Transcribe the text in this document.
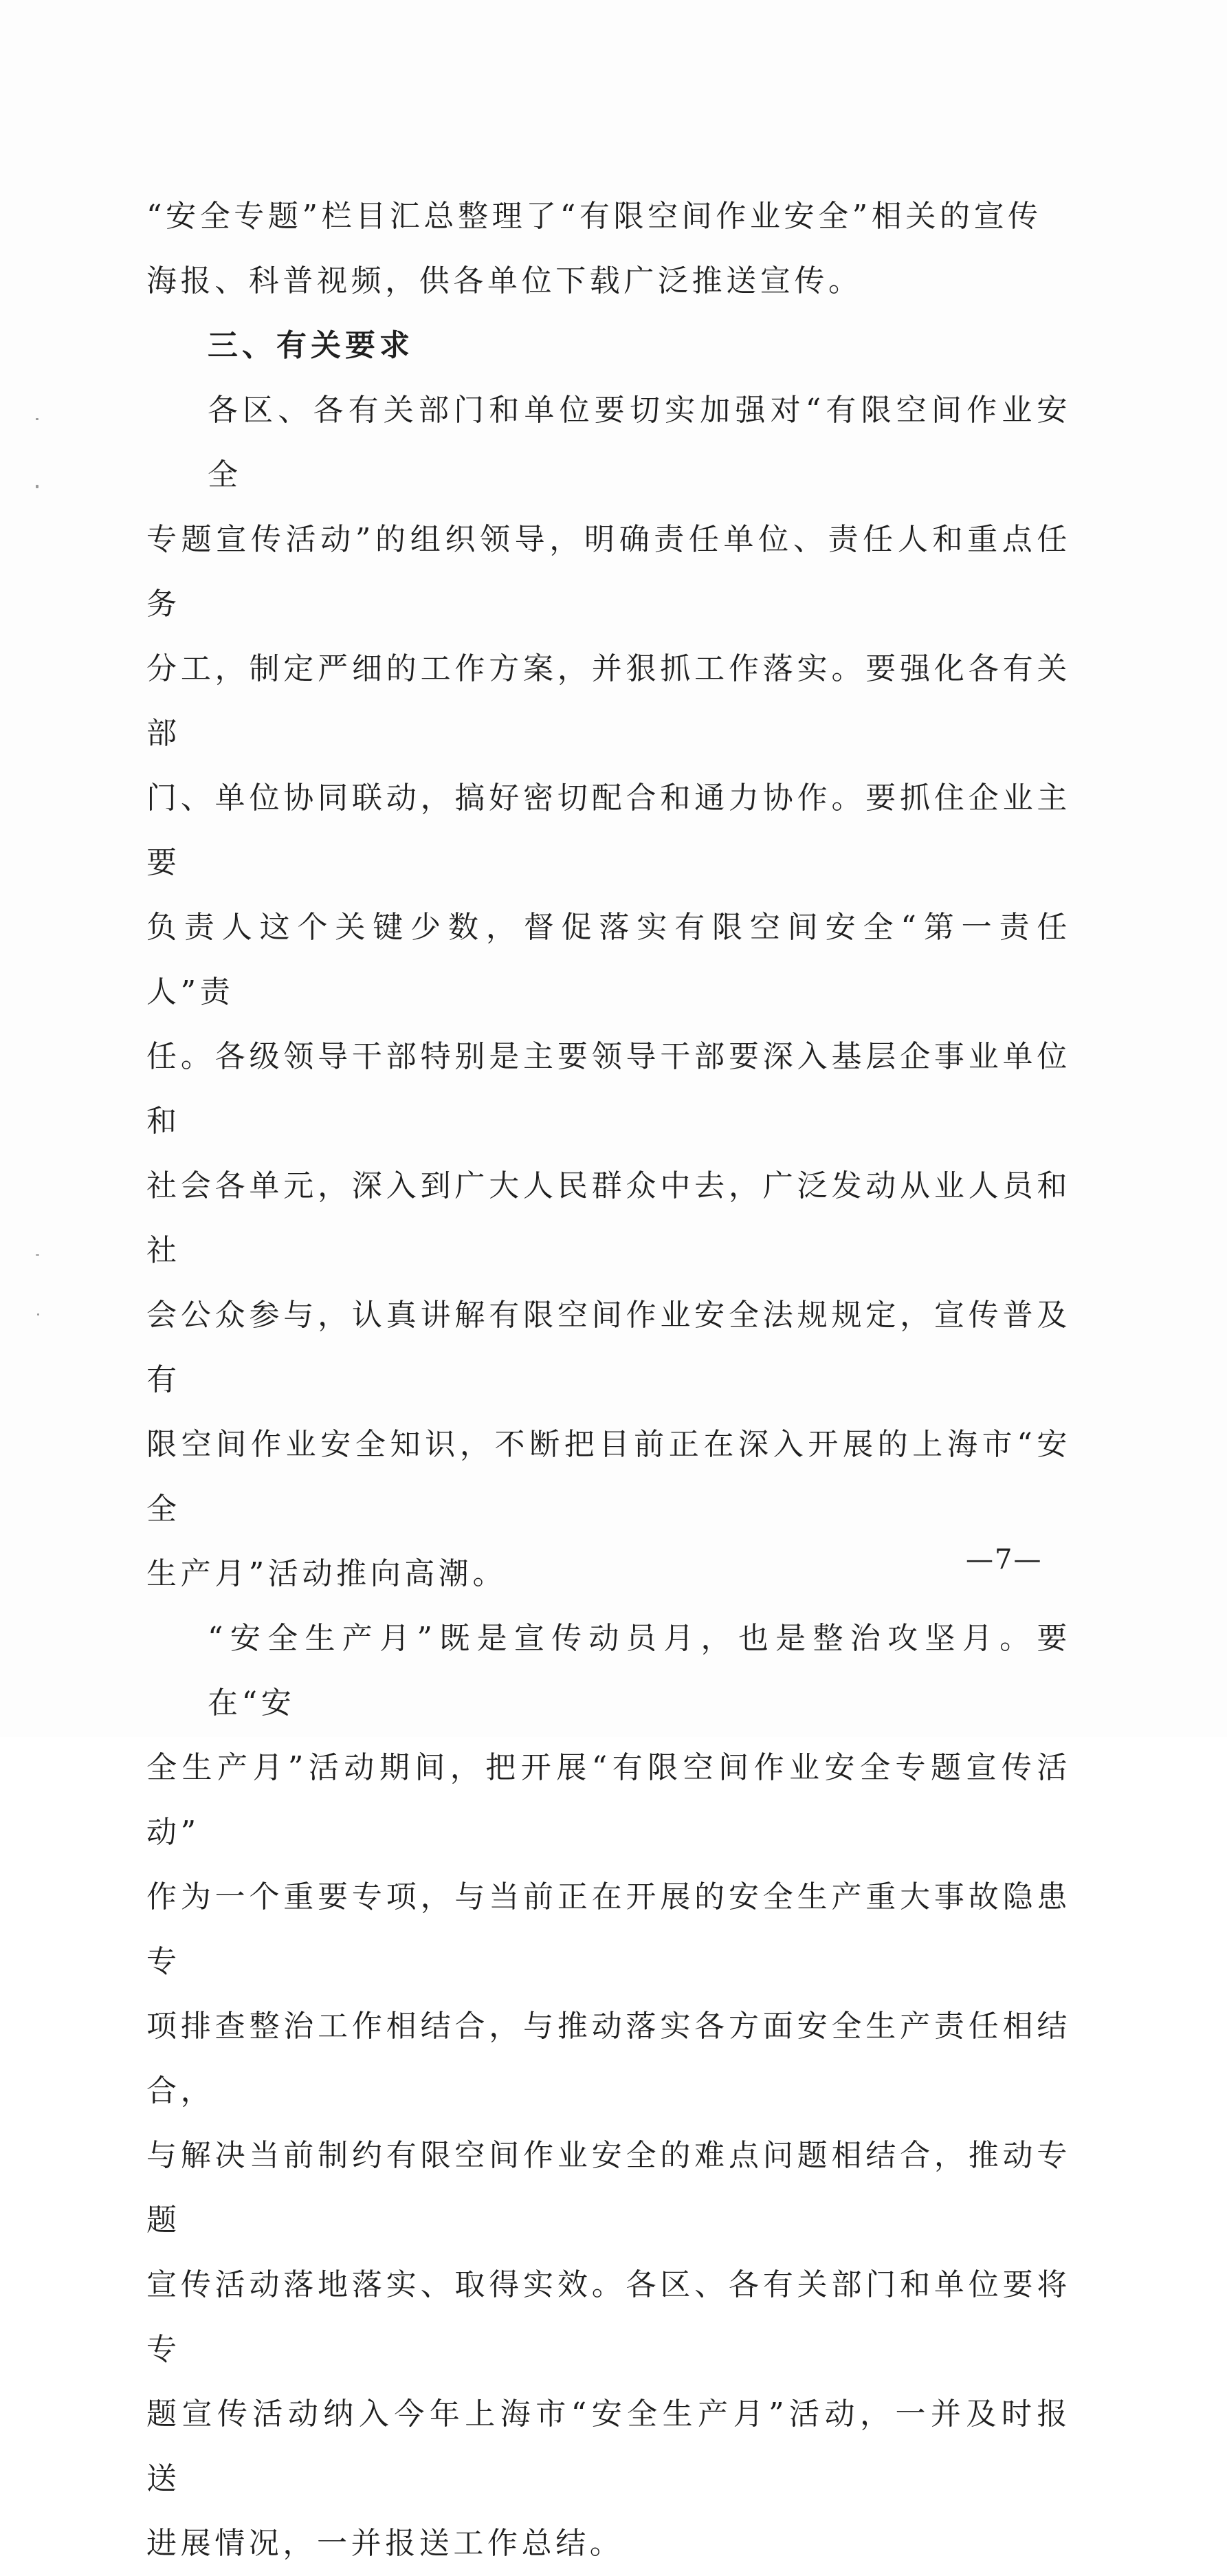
“安全专题”栏目汇总整理了“有限空间作业安全”相关的宣传
海报、科普视频，供各单位下载广泛推送宣传。

三、有关要求

各区、各有关部门和单位要切实加强对“有限空间作业安全
专题宣传活动”的组织领导，明确责任单位、责任人和重点任务
分工，制定严细的工作方案，并狠抓工作落实。要强化各有关部
门、单位协同联动，搞好密切配合和通力协作。要抓住企业主要
负责人这个关键少数，督促落实有限空间安全“第一责任人”责
任。各级领导干部特别是主要领导干部要深入基层企事业单位和
社会各单元，深入到广大人民群众中去，广泛发动从业人员和社
会公众参与，认真讲解有限空间作业安全法规规定，宣传普及有
限空间作业安全知识，不断把目前正在深入开展的上海市“安全
生产月”活动推向高潮。

“安全生产月”既是宣传动员月，也是整治攻坚月。要在“安
全生产月”活动期间，把开展“有限空间作业安全专题宣传活动”
作为一个重要专项，与当前正在开展的安全生产重大事故隐患专
项排查整治工作相结合，与推动落实各方面安全生产责任相结合，
与解决当前制约有限空间作业安全的难点问题相结合，推动专题
宣传活动落地落实、取得实效。各区、各有关部门和单位要将专
题宣传活动纳入今年上海市“安全生产月”活动，一并及时报送
进展情况，一并报送工作总结。

—7—
